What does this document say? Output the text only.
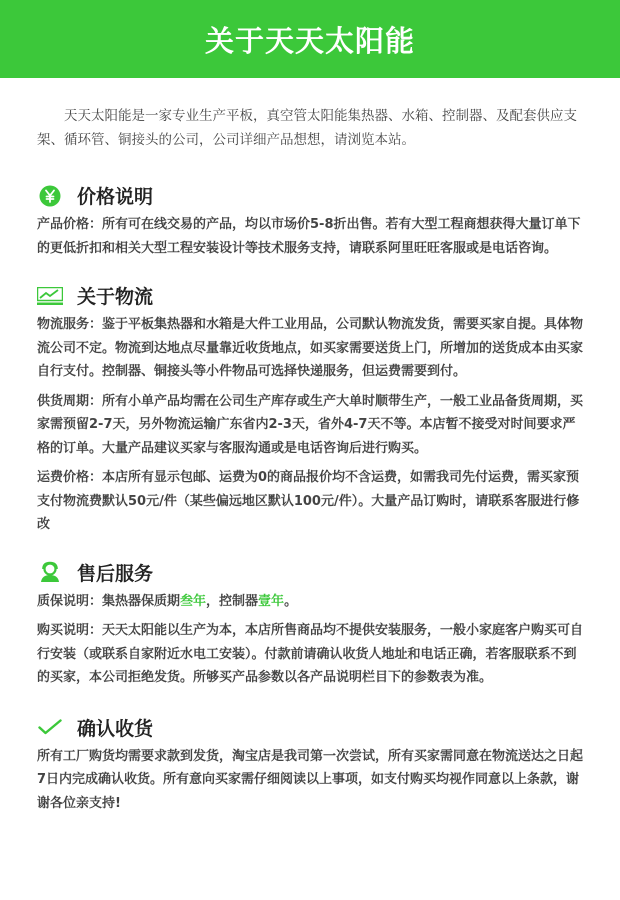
关于天天太阳能

天天太阳能是一家专业生产平板，真空管太阳能集热器、水箱、控制器、及配套供应支架、循环管、铜接头的公司，公司详细产品想想，请浏览本站。

价格说明

产品价格：所有可在线交易的产品，均以市场价5-8折出售。若有大型工程商想获得大量订单下的更低折扣和相关大型工程安装设计等技术服务支持，请联系阿里旺旺客服或是电话咨询。

关于物流

物流服务：鉴于平板集热器和水箱是大件工业用品，公司默认物流发货，需要买家自提。具体物流公司不定。物流到达地点尽量靠近收货地点，如买家需要送货上门，所增加的送货成本由买家自行支付。控制器、铜接头等小件物品可选择快递服务，但运费需要到付。

供货周期：所有小单产品均需在公司生产库存或生产大单时顺带生产，一般工业品备货周期，买家需预留2-7天，另外物流运输广东省内2-3天，省外4-7天不等。本店暂不接受对时间要求严格的订单。大量产品建议买家与客服沟通或是电话咨询后进行购买。

运费价格：本店所有显示包邮、运费为0的商品报价均不含运费，如需我司先付运费，需买家预支付物流费默认50元/件（某些偏远地区默认100元/件）。大量产品订购时，请联系客服进行修改

售后服务

质保说明：集热器保质期叁年，控制器壹年。

购买说明：天天太阳能以生产为本，本店所售商品均不提供安装服务，一般小家庭客户购买可自行安装（或联系自家附近水电工安装）。付款前请确认收货人地址和电话正确，若客服联系不到的买家，本公司拒绝发货。所够买产品参数以各产品说明栏目下的参数表为准。

确认收货

所有工厂购货均需要求款到发货，淘宝店是我司第一次尝试，所有买家需同意在物流送达之日起7日内完成确认收货。所有意向买家需仔细阅读以上事项，如支付购买均视作同意以上条款，谢谢各位亲支持!
